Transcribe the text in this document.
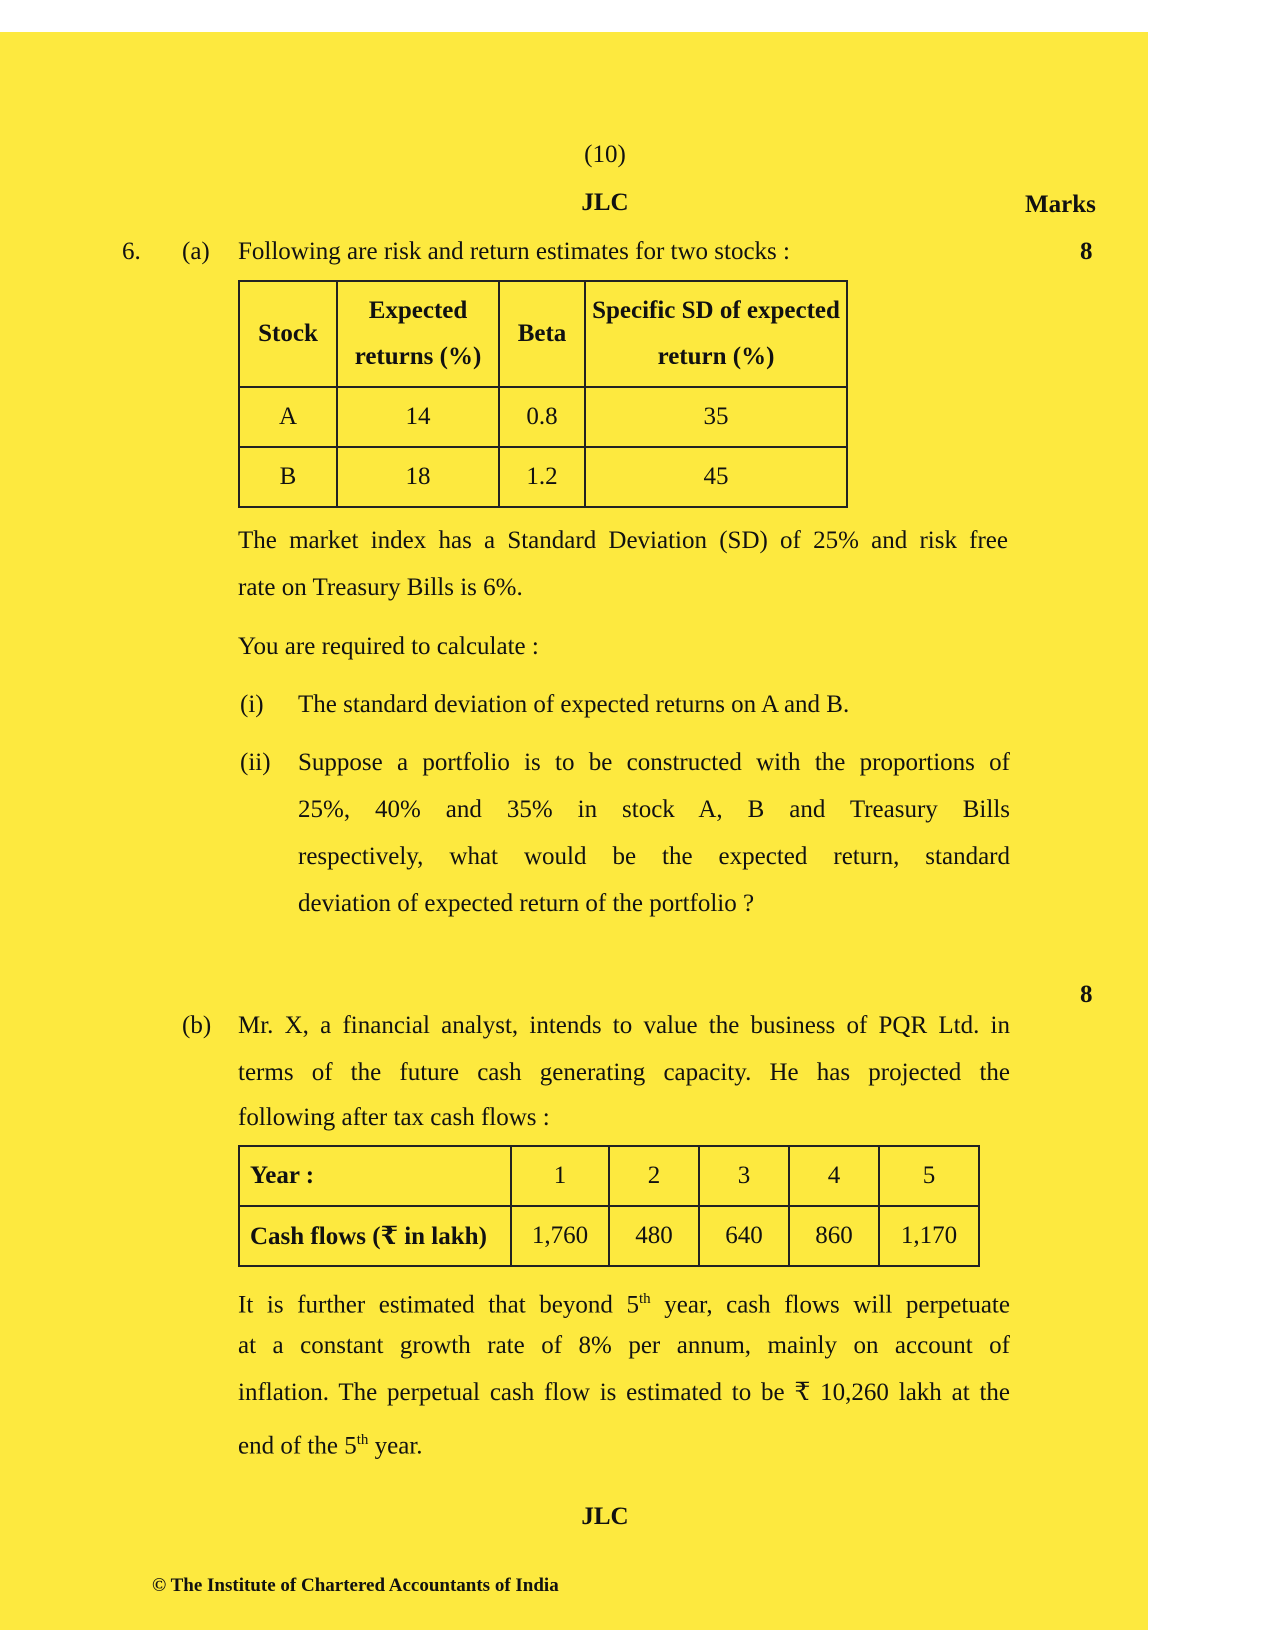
(10)
JLC	Marks
6. (a) Following are risk and return estimates for two stocks :	8
Stock	Expected returns (%)	Beta	Specific SD of expected return (%)
A	14	0.8	35
B	18	1.2	45
The market index has a Standard Deviation (SD) of 25% and risk free
rate on Treasury Bills is 6%.
You are required to calculate :
(i) The standard deviation of expected returns on A and B.
(ii) Suppose a portfolio is to be constructed with the proportions of
25%, 40% and 35% in stock A, B and Treasury Bills
respectively, what would be the expected return, standard
deviation of expected return of the portfolio ?
8
(b) Mr. X, a financial analyst, intends to value the business of PQR Ltd. in
terms of the future cash generating capacity. He has projected the
following after tax cash flows :
Year :	1	2	3	4	5
Cash flows (₹ in lakh)	1,760	480	640	860	1,170
It is further estimated that beyond 5th year, cash flows will perpetuate
at a constant growth rate of 8% per annum, mainly on account of
inflation. The perpetual cash flow is estimated to be ₹ 10,260 lakh at the
end of the 5th year.
JLC
© The Institute of Chartered Accountants of India
